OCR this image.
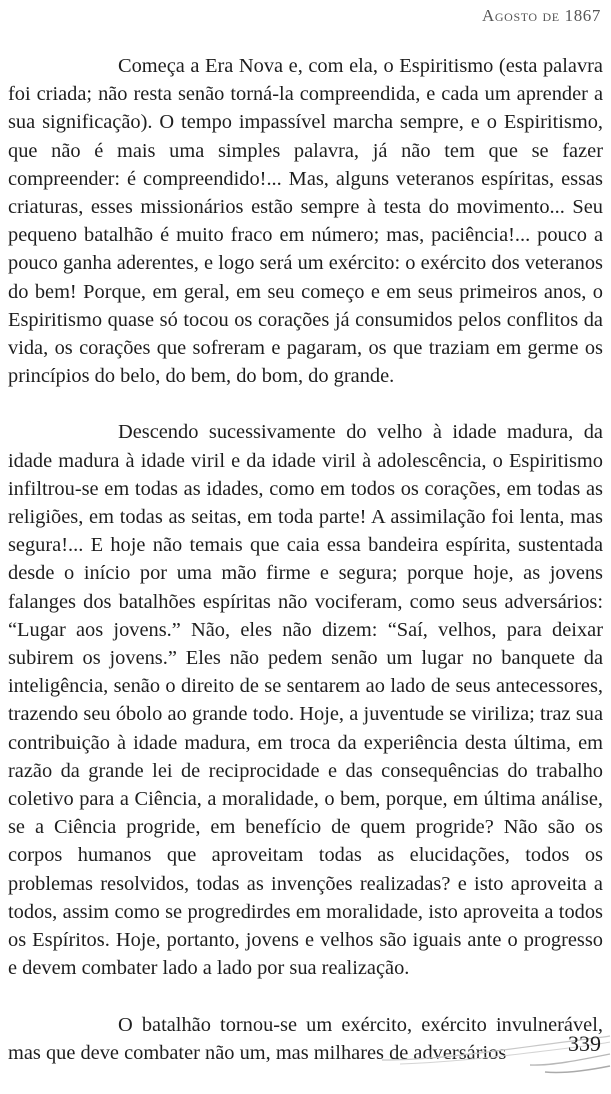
Agosto de 1867

Começa a Era Nova e, com ela, o Espiritismo (esta palavra foi criada; não resta senão torná-la compreendida, e cada um aprender a sua significação). O tempo impassível marcha sempre, e o Espiritismo, que não é mais uma simples palavra, já não tem que se fazer compreender: é compreendido!... Mas, alguns veteranos espíritas, essas criaturas, esses missionários estão sempre à testa do movimento... Seu pequeno batalhão é muito fraco em número; mas, paciência!... pouco a pouco ganha aderentes, e logo será um exército: o exército dos veteranos do bem! Porque, em geral, em seu começo e em seus primeiros anos, o Espiritismo quase só tocou os corações já consumidos pelos conflitos da vida, os corações que sofreram e pagaram, os que traziam em germe os princípios do belo, do bem, do bom, do grande.

Descendo sucessivamente do velho à idade madura, da idade madura à idade viril e da idade viril à adolescência, o Espiritismo infiltrou-se em todas as idades, como em todos os corações, em todas as religiões, em todas as seitas, em toda parte! A assimilação foi lenta, mas segura!... E hoje não temais que caia essa bandeira espírita, sustentada desde o início por uma mão firme e segura; porque hoje, as jovens falanges dos batalhões espíritas não vociferam, como seus adversários: “Lugar aos jovens.” Não, eles não dizem: “Saí, velhos, para deixar subirem os jovens.” Eles não pedem senão um lugar no banquete da inteligência, senão o direito de se sentarem ao lado de seus antecessores, trazendo seu óbolo ao grande todo. Hoje, a juventude se viriliza; traz sua contribuição à idade madura, em troca da experiência desta última, em razão da grande lei de reciprocidade e das consequências do trabalho coletivo para a Ciência, a moralidade, o bem, porque, em última análise, se a Ciência progride, em benefício de quem progride? Não são os corpos humanos que aproveitam todas as elucidações, todos os problemas resolvidos, todas as invenções realizadas? e isto aproveita a todos, assim como se progredirdes em moralidade, isto aproveita a todos os Espíritos. Hoje, portanto, jovens e velhos são iguais ante o progresso e devem combater lado a lado por sua realização.

O batalhão tornou-se um exército, exército invulnerável, mas que deve combater não um, mas milhares de adversários	339
